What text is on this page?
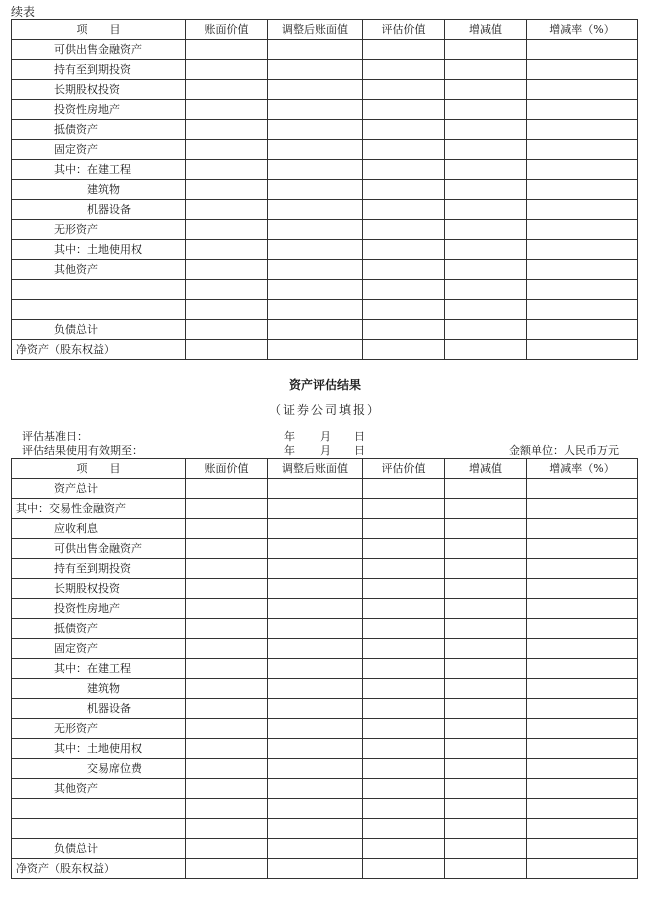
续表
项　　目	账面价值	调整后账面值	评估价值	增减值	增减率（%）
可供出售金融资产					
持有至到期投资					
长期股权投资					
投资性房地产					
抵债资产					
固定资产					
其中：在建工程					
建筑物					
机器设备					
无形资产					
其中：土地使用权					
其他资产					

负债总计					
净资产（股东权益）					
资产评估结果
（证券公司填报）
评估基准日：
评估结果使用有效期至：
年 月 日
年 月 日	金额单位：人民币万元
项　　目	账面价值	调整后账面值	评估价值	增减值	增减率（%）
资产总计					
其中：交易性金融资产					
应收利息					
可供出售金融资产					
持有至到期投资					
长期股权投资					
投资性房地产					
抵债资产					
固定资产					
其中：在建工程					
建筑物					
机器设备					
无形资产					
其中：土地使用权					
交易席位费					
其他资产					

负债总计					
净资产（股东权益）					
